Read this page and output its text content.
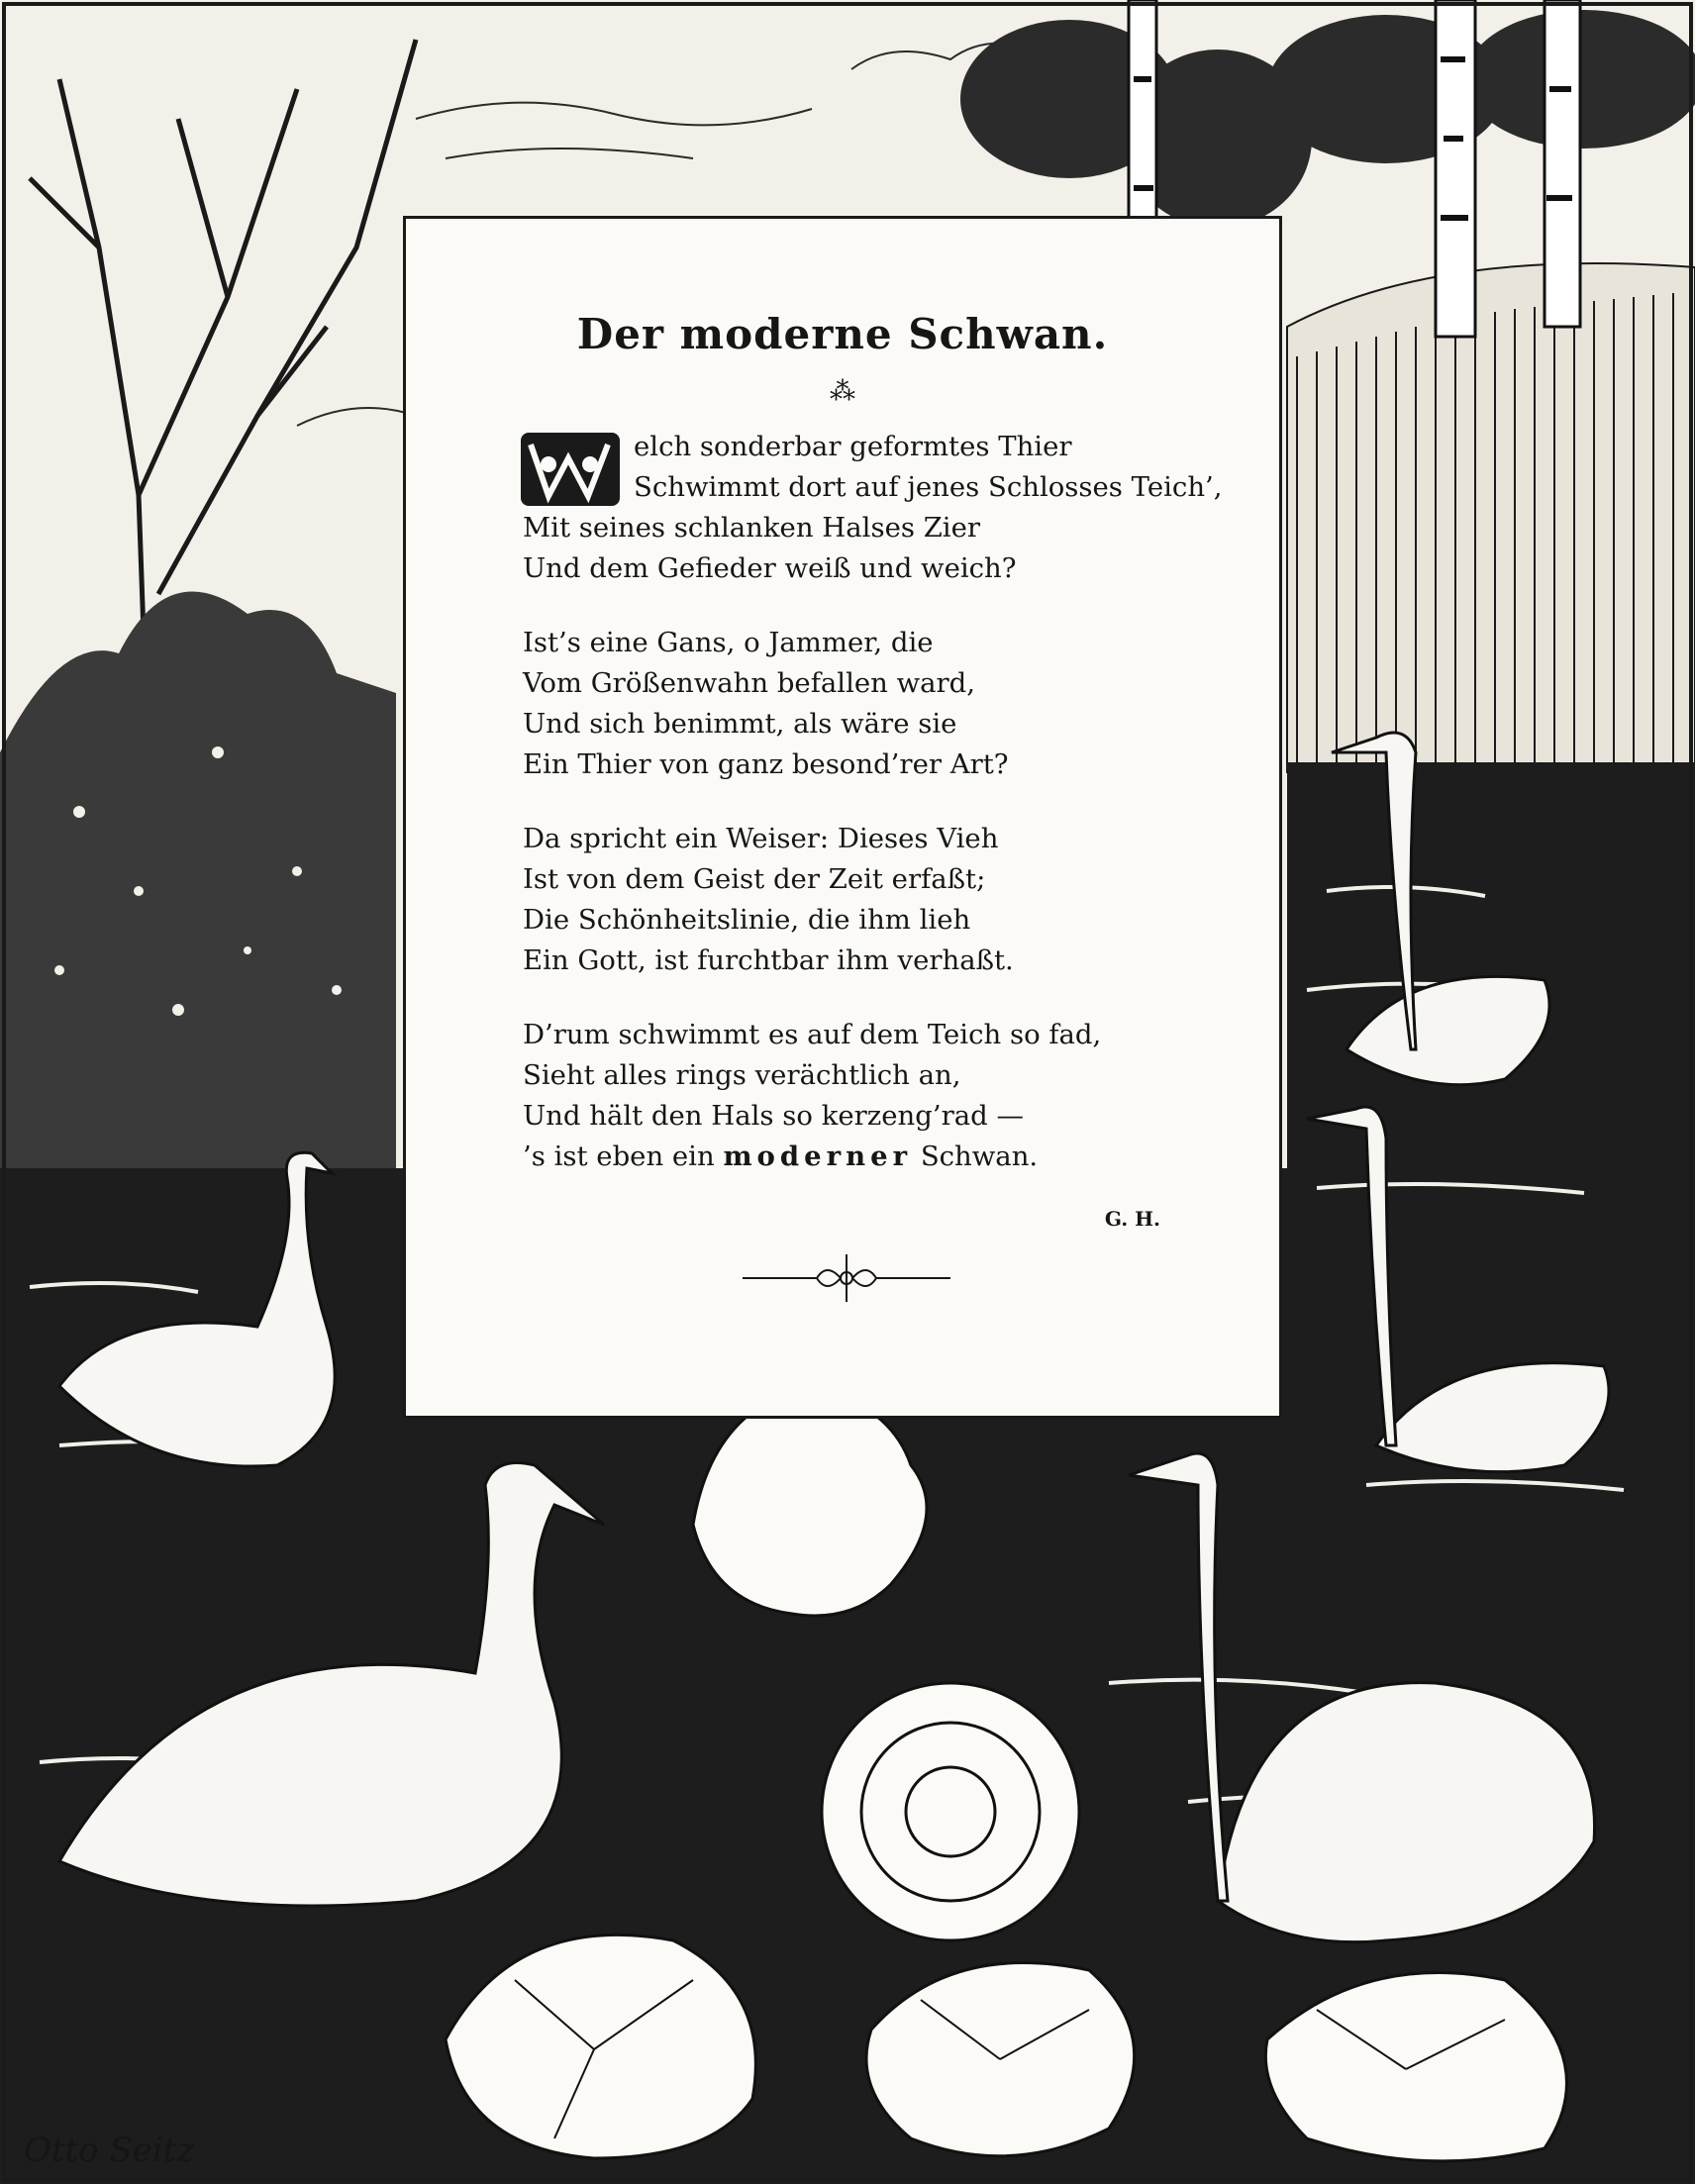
Der moderne Schwan.
⁂
elch sonderbar geformtes Thier
Schwimmt dort auf jenes Schlosses Teich’,
Mit seines schlanken Halses Zier
Und dem Gefieder weiß und weich?
Ist’s eine Gans, o Jammer, die
Vom Größenwahn befallen ward,
Und sich benimmt, als wäre sie
Ein Thier von ganz besond’rer Art?
Da spricht ein Weiser: Dieses Vieh
Ist von dem Geist der Zeit erfaßt;
Die Schönheitslinie, die ihm lieh
Ein Gott, ist furchtbar ihm verhaßt.
D’rum schwimmt es auf dem Teich so fad,
Sieht alles rings verächtlich an,
Und hält den Hals so kerzeng’rad —
’s ist eben ein moderner Schwan.
G. H.
Otto Seitz
